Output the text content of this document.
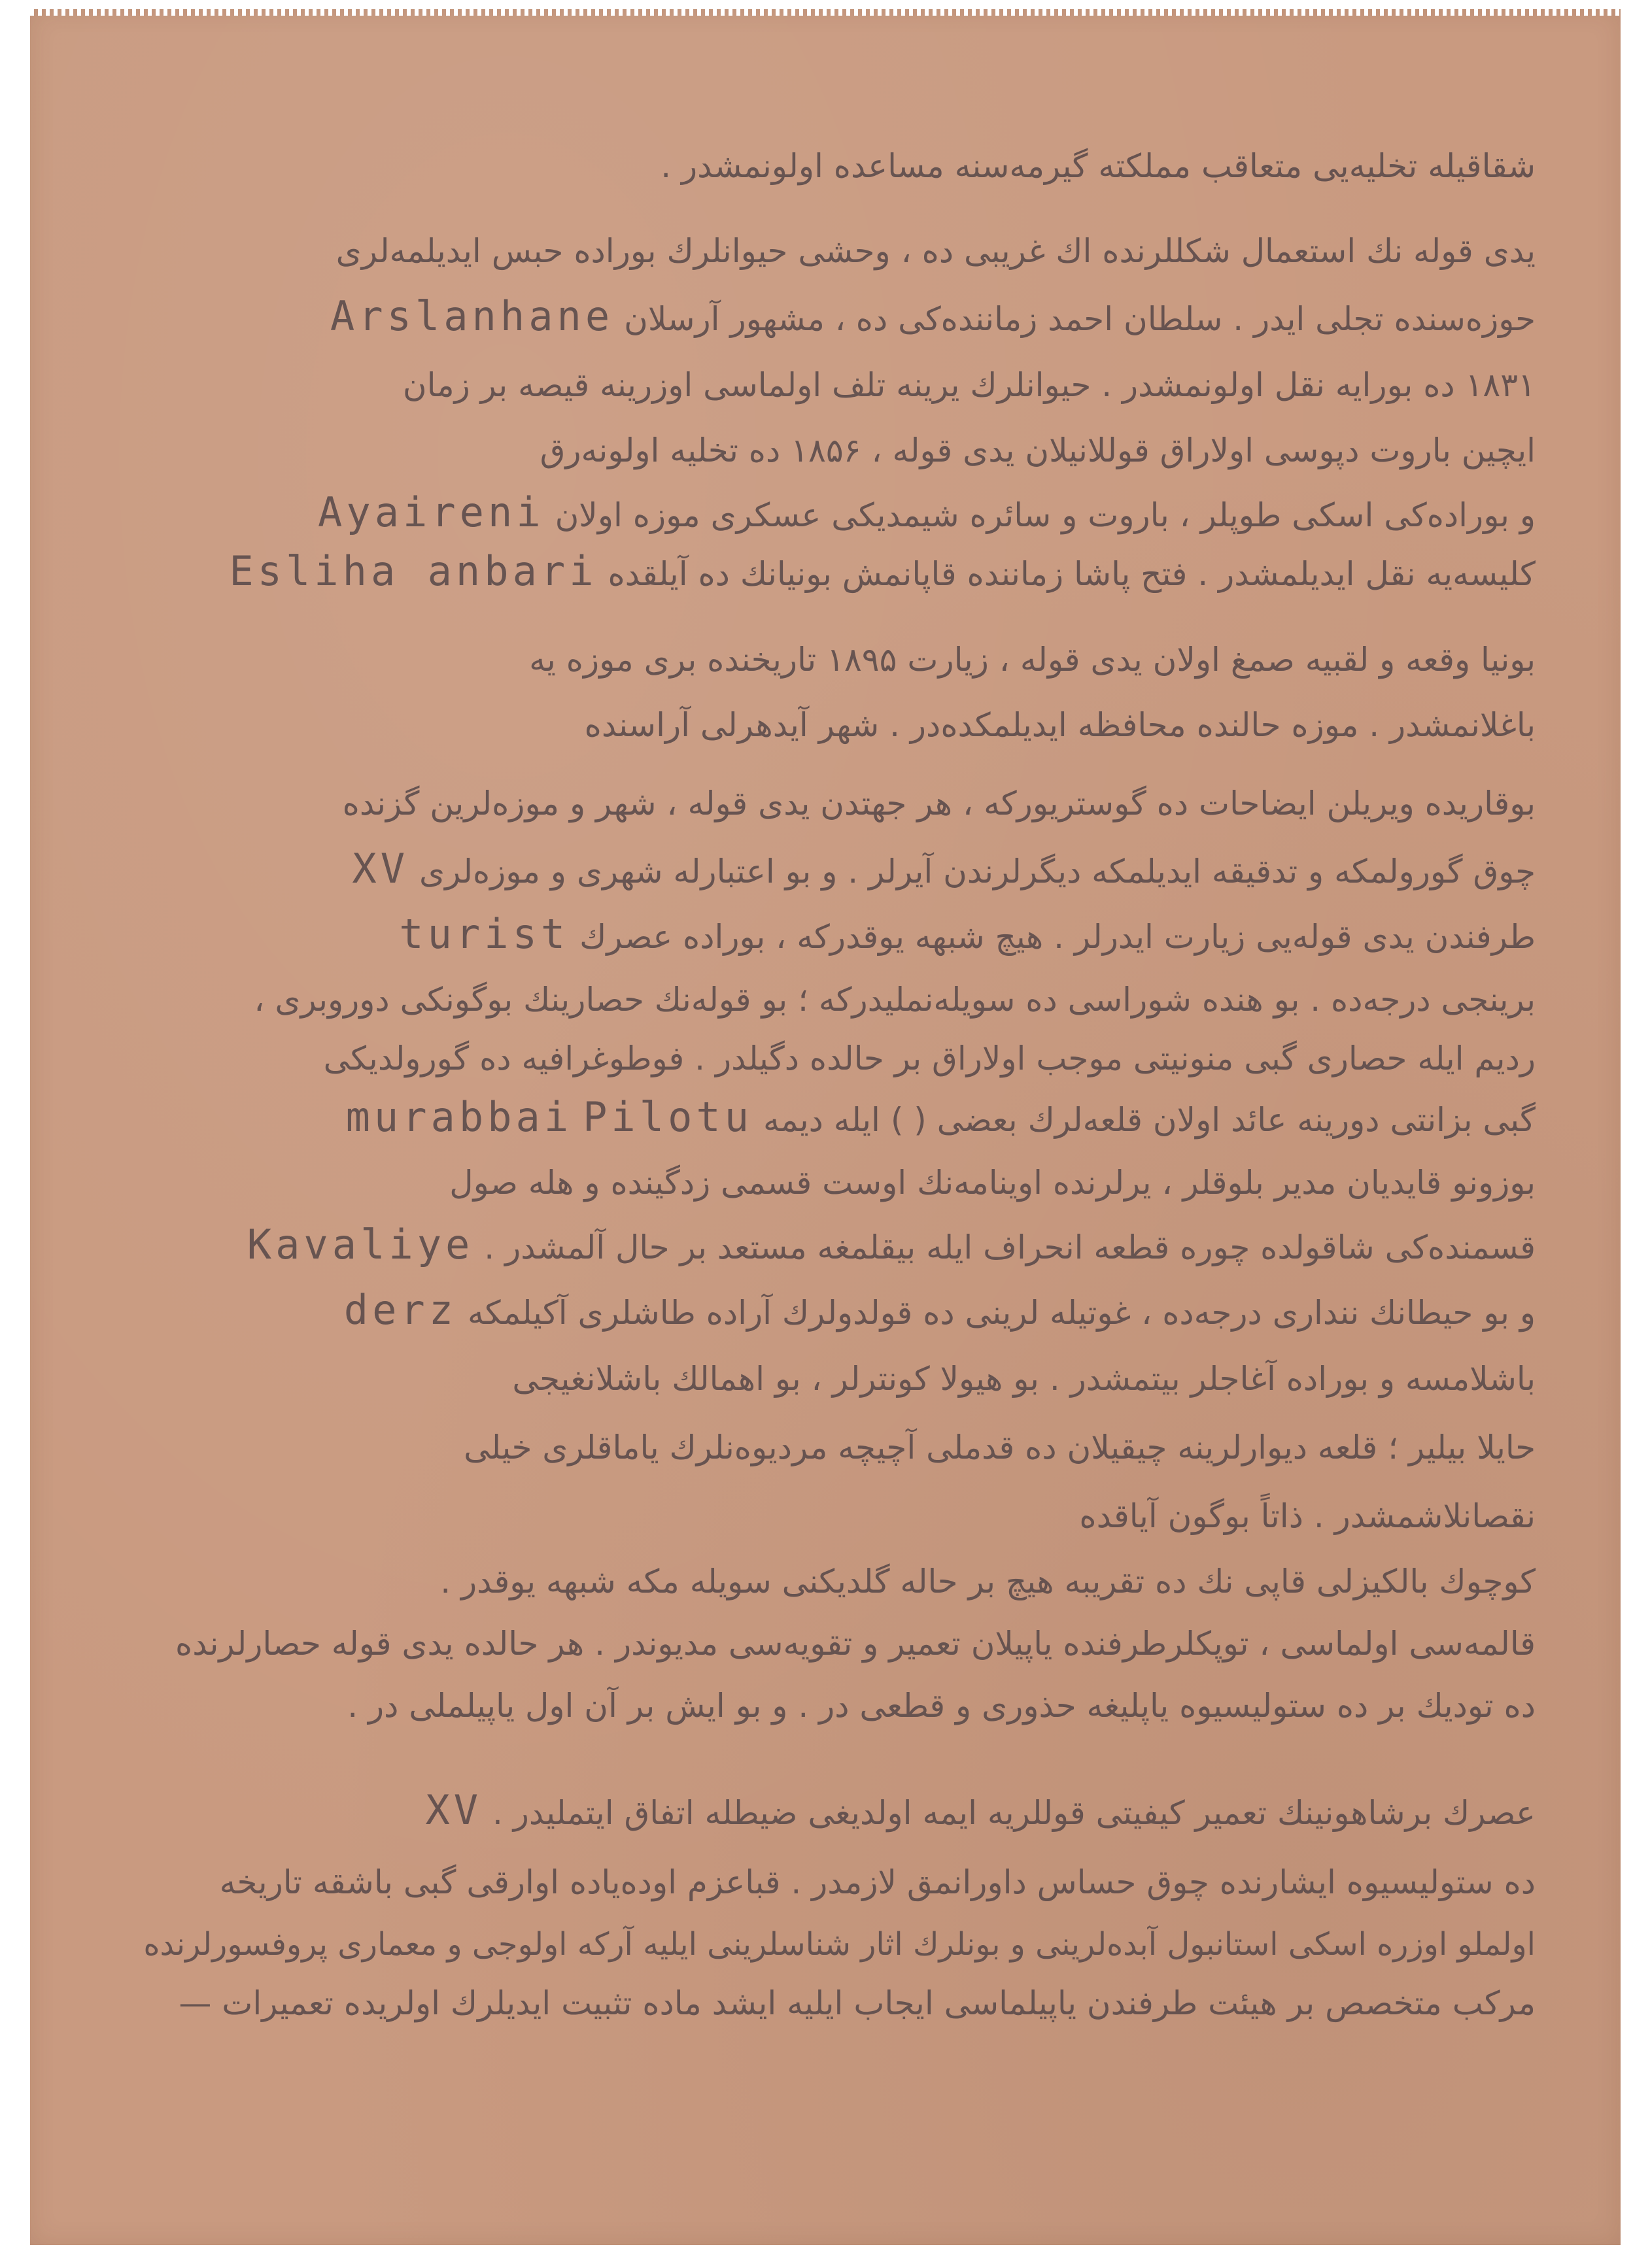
شقاقیله تخلیه‌یی متعاقب مملکته گیرمه‌سنه مساعده اولونمشدر .
یدی قوله نك استعمال شکللرنده اك غریبی ده ، وحشی حیوانلرك بوراده حبس ایدیلمه‌لری
حوزه‌سنده تجلی ایدر . سلطان احمد زماننده‌کی ده ، مشهور آرسلان Arslanhane
۱۸۳۱ ده بورایه نقل اولونمشدر . حیوانلرك یرینه تلف اولماسی اوزرینه قیصه بر زمان
ایچین باروت دپوسی اولاراق قوللانیلان یدی قوله ، ۱۸۵۶ ده تخلیه اولونه‌رق
و بوراده‌کی اسکی طوپلر ، باروت و سائره شیمدیکی عسکری موزه اولان Ayaireni
کلیسه‌یه نقل ایدیلمشدر . فتح پاشا زماننده قاپانمش بونیانك ده آیلقده Esliha anbari
بونیا وقعه و لقبیه صمغ اولان یدی قوله ، زیارت ۱۸۹۵ تاریخنده بری موزه یه
باغلانمشدر . موزه حالنده محافظه ایدیلمکده‌در . شهر آیدهرلی آراسنده
بوقاریده ویریلن ایضاحات ده گوستریورکه ، هر جهتدن یدی قوله ، شهر و موزه‌لرین گزنده
چوق گورولمکه و تدقیقه ایدیلمکه دیگرلرندن آیرلر . و بو اعتبارله شهری و موزه‌لری XV
طرفندن یدی قوله‌یی زیارت ایدرلر . هیچ شبهه یوقدرکه ، بوراده عصرك turist
برینجی درجه‌ده . بو هنده شوراسی ده سویله‌نملیدرکه ؛ بو قوله‌نك حصارینك بوگونکی دوروبری ،
ردیم ایله حصاری گبی منونیتی موجب اولاراق بر حالده دگیلدر . فوطوغرافیه ده گورولدیکی
گبی بزانتی دورینه عائد اولان قلعه‌لرك بعضی ( ) ایله دیمه Pilotu murabbai
بوزونو قایدیان مدیر بلوقلر ، یرلرنده اوینامه‌نك اوست قسمی زدگینده و هله صول
قسمنده‌کی شاقولده چوره قطعه انحراف ایله بیقلمغه مستعد بر حال آلمشدر . Kavaliye
و بو حیطانك ننداری درجه‌ده ، غوتیله لرینی ده قولدولرك آراده طاشلری آکیلمکه derz
باشلامسه و بوراده آغاجلر بیتمشدر . بو هیولا کونترلر ، بو اهمالك باشلانغیجی
حایلا بیلیر ؛ قلعه دیوارلرینه چیقیلان ده قدملی آچیچه مردیوه‌نلرك یاماقلری خیلی
نقصانلاشمشدر . ذاتاً بوگون آیاقده
کوچوك بالکیزلی قاپی نك ده تقریبه هیچ بر حاله گلدیکنی سویله مکه شبهه یوقدر .
قالمه‌سی اولماسی ، توپکلرطرفنده یاپیلان تعمیر و تقویه‌سی مدیوندر . هر حالده یدی قوله حصارلرنده
ده تودیك بر ده ستولیسیوه یاپلیغه حذوری و قطعی در . و بو ایش بر آن اول یاپیلملی در .
عصرك برشاهونینك تعمیر کیفیتی قوللریه ایمه اولدیغی ضیطله اتفاق ایتملیدر . XV
ده ستولیسیوه ایشارنده چوق حساس داورانمق لازمدر . قباعزم اوده‌یاده اوارقی گبی باشقه تاریخه
اولملو اوزره اسکی استانبول آبده‌لرینی و بونلرك اثار شناسلرینی ایلیه آرکه اولوجی و معماری پروفسورلرنده
مرکب متخصص بر هیئت طرفندن یاپیلماسی ایجاب ایلیه ایشد ماده تثبیت ایدیلرك اولریده تعمیرات —
